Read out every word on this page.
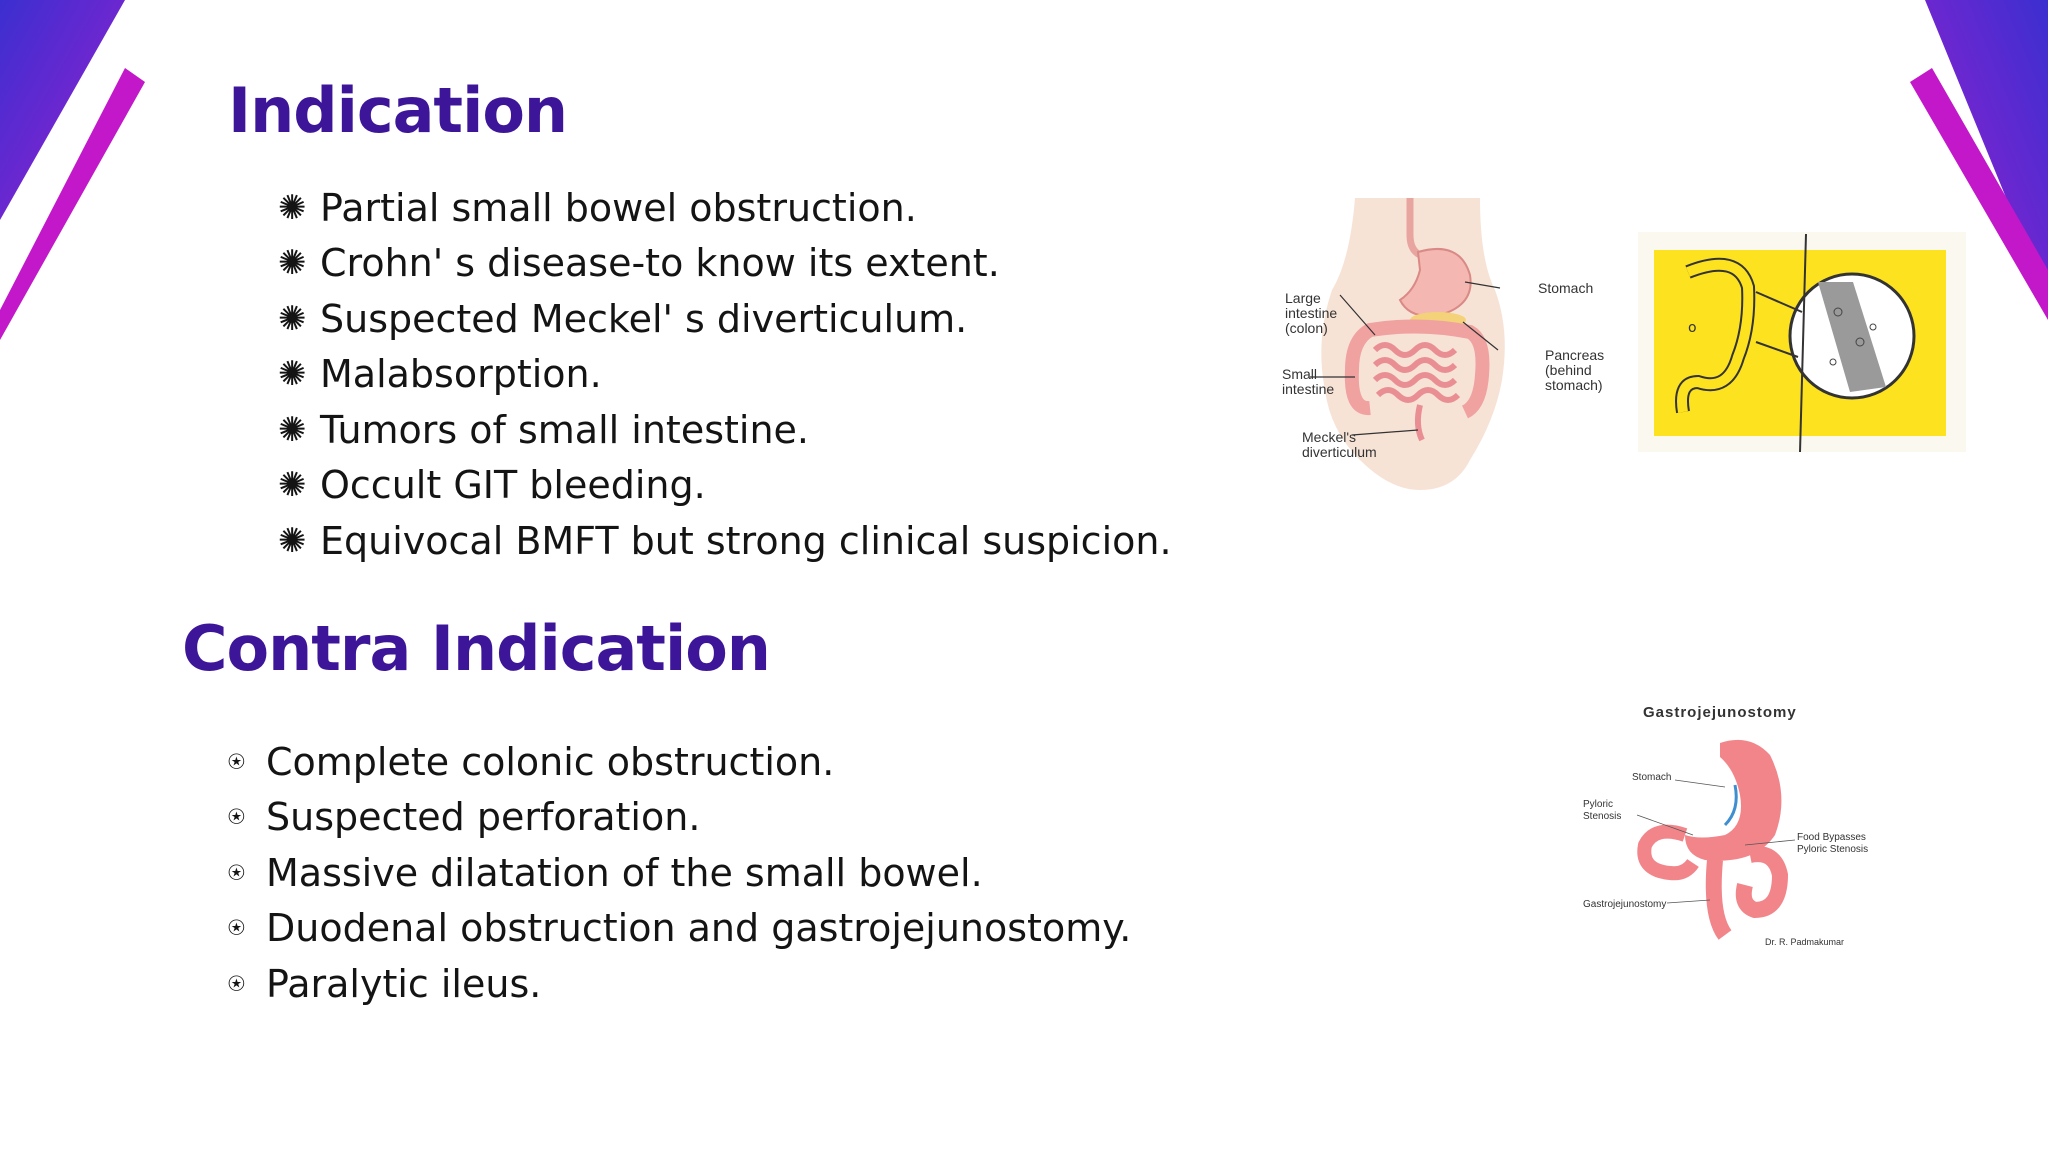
Indication
✺ Partial small bowel obstruction.
✺ Crohn' s disease-to know its extent.
✺ Suspected Meckel' s diverticulum.
✺ Malabsorption.
✺ Tumors of small intestine.
✺ Occult GIT bleeding.
✺ Equivocal BMFT but strong clinical suspicion.
Contra Indication
⍟ Complete colonic obstruction.
⍟ Suspected perforation.
⍟ Massive dilatation of the small bowel.
⍟ Duodenal obstruction and gastrojejunostomy.
⍟ Paralytic ileus.
Large intestine (colon)
Small intestine
Meckel's diverticulum
Stomach
Pancreas (behind stomach)
o
Gastrojejunostomy
Stomach
Pyloric Stenosis
Food Bypasses Pyloric Stenosis
Gastrojejunostomy
Dr. R. Padmakumar
